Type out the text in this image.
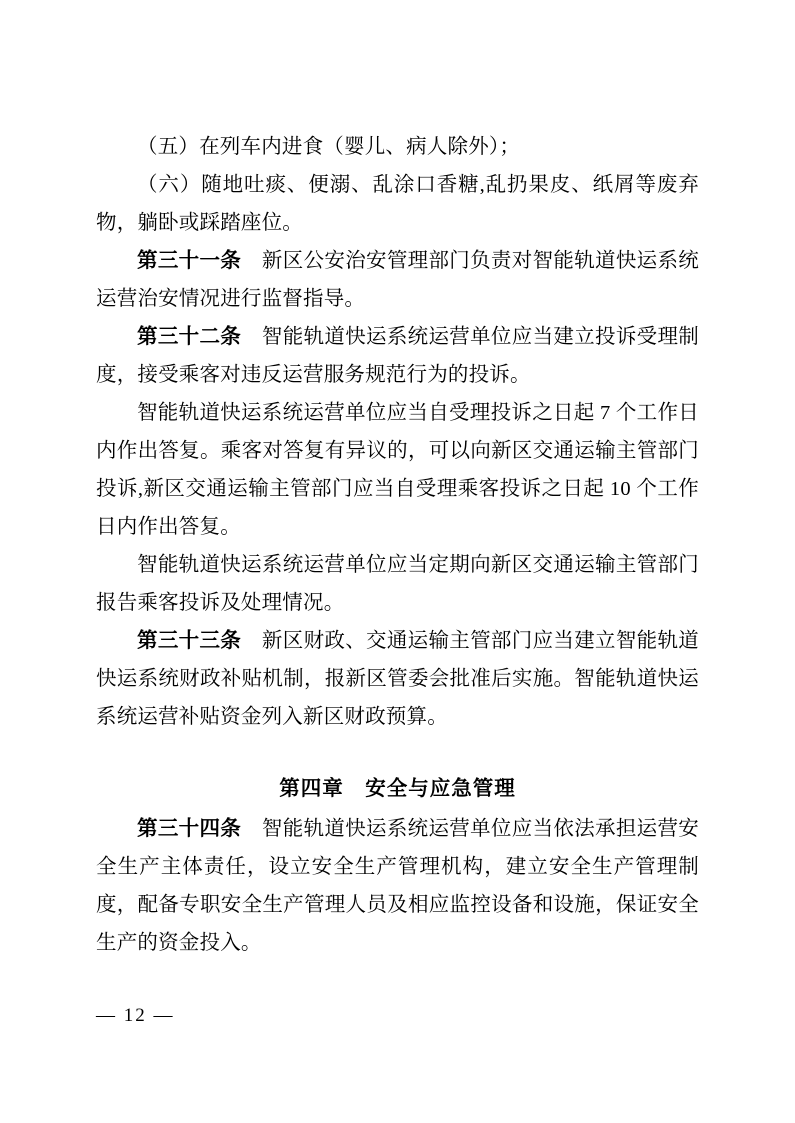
（五）在列车内进食（婴儿、病人除外）；

（六）随地吐痰、便溺、乱涂口香糖,乱扔果皮、纸屑等废弃物，躺卧或踩踏座位。

第三十一条　新区公安治安管理部门负责对智能轨道快运系统运营治安情况进行监督指导。

第三十二条　智能轨道快运系统运营单位应当建立投诉受理制度，接受乘客对违反运营服务规范行为的投诉。

智能轨道快运系统运营单位应当自受理投诉之日起 7 个工作日内作出答复。乘客对答复有异议的，可以向新区交通运输主管部门投诉,新区交通运输主管部门应当自受理乘客投诉之日起 10 个工作日内作出答复。

智能轨道快运系统运营单位应当定期向新区交通运输主管部门报告乘客投诉及处理情况。

第三十三条　新区财政、交通运输主管部门应当建立智能轨道快运系统财政补贴机制，报新区管委会批准后实施。智能轨道快运系统运营补贴资金列入新区财政预算。

第四章　安全与应急管理

第三十四条　智能轨道快运系统运营单位应当依法承担运营安全生产主体责任，设立安全生产管理机构，建立安全生产管理制度，配备专职安全生产管理人员及相应监控设备和设施，保证安全生产的资金投入。

— 12 —
